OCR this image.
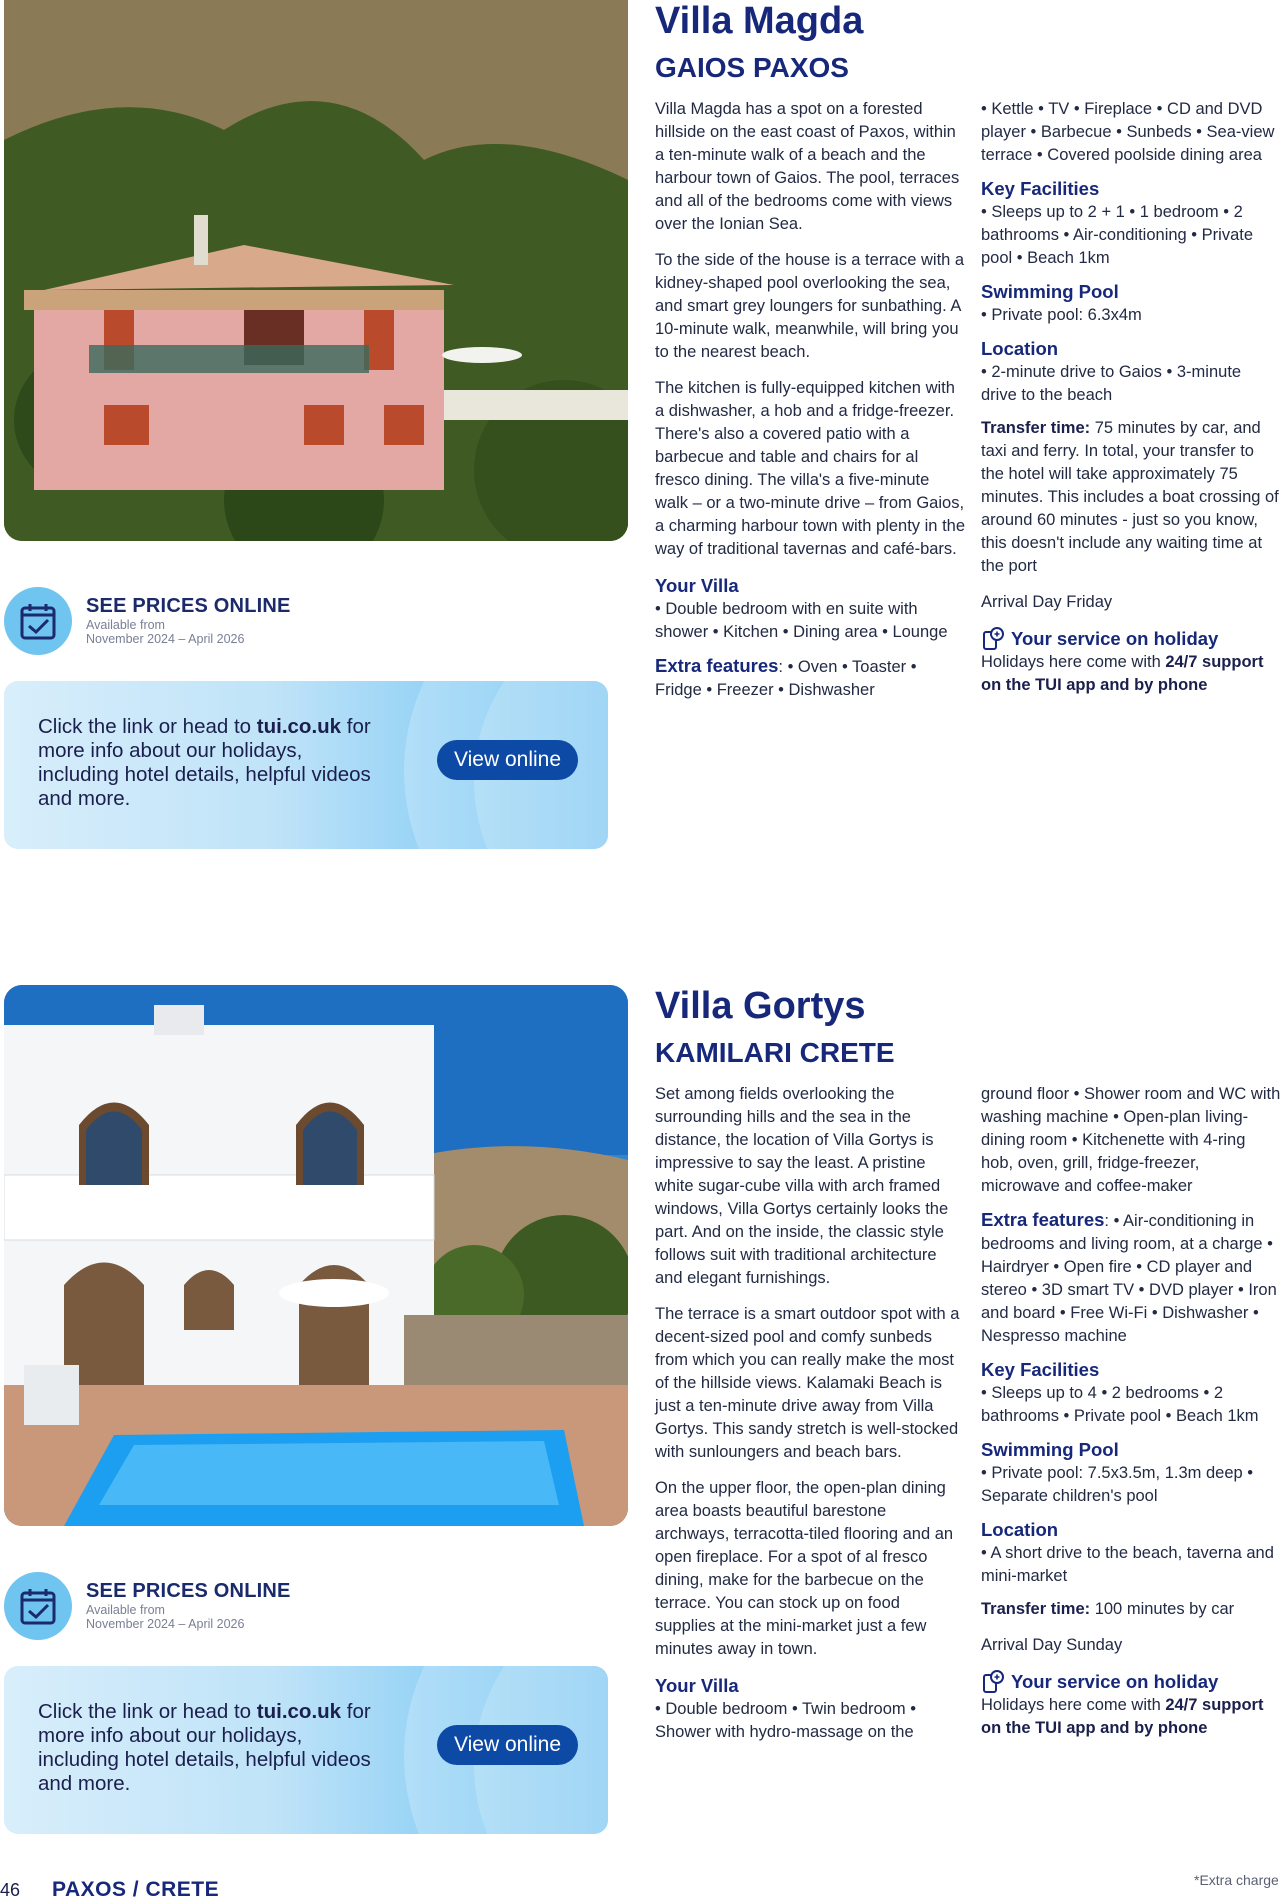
SEE PRICES ONLINE
Available from
November 2024 – April 2026
Click the link or head to tui.co.uk for more info about our holidays, including hotel details, helpful videos and more.
View online
Villa Magda
GAIOS PAXOS

Villa Magda has a spot on a forested hillside on the east coast of Paxos, within a ten-minute walk of a beach and the harbour town of Gaios. The pool, terraces and all of the bedrooms come with views over the Ionian Sea.

To the side of the house is a terrace with a kidney-shaped pool overlooking the sea, and smart grey loungers for sunbathing. A 10-minute walk, meanwhile, will bring you to the nearest beach.

The kitchen is fully-equipped kitchen with a dishwasher, a hob and a fridge-freezer. There's also a covered patio with a barbecue and table and chairs for al fresco dining. The villa's a five-minute walk – or a two-minute drive – from Gaios, a charming harbour town with plenty in the way of traditional tavernas and café-bars.

Your Villa
• Double bedroom with en suite with shower • Kitchen • Dining area • Lounge
Extra features: • Oven • Toaster • Fridge • Freezer • Dishwasher
• Kettle • TV • Fireplace • CD and DVD player • Barbecue • Sunbeds • Sea-view terrace • Covered poolside dining area
Key Facilities
• Sleeps up to 2 + 1 • 1 bedroom • 2 bathrooms • Air-conditioning • Private pool • Beach 1km
Swimming Pool
• Private pool: 6.3x4m
Location
• 2-minute drive to Gaios • 3-minute drive to the beach

Transfer time: 75 minutes by car, and taxi and ferry. In total, your transfer to the hotel will take approximately 75 minutes. This includes a boat crossing of around 60 minutes - just so you know, this doesn't include any waiting time at the port

Arrival Day Friday

Your service on holiday
Holidays here come with 24/7 support on the TUI app and by phone
SEE PRICES ONLINE
Available from
November 2024 – April 2026
Click the link or head to tui.co.uk for more info about our holidays, including hotel details, helpful videos and more.
View online
Villa Gortys
KAMILARI CRETE

Set among fields overlooking the surrounding hills and the sea in the distance, the location of Villa Gortys is impressive to say the least. A pristine white sugar-cube villa with arch framed windows, Villa Gortys certainly looks the part. And on the inside, the classic style follows suit with traditional architecture and elegant furnishings.

The terrace is a smart outdoor spot with a decent-sized pool and comfy sunbeds from which you can really make the most of the hillside views. Kalamaki Beach is just a ten-minute drive away from Villa Gortys. This sandy stretch is well-stocked with sunloungers and beach bars.

On the upper floor, the open-plan dining area boasts beautiful barestone archways, terracotta-tiled flooring and an open fireplace. For a spot of al fresco dining, make for the barbecue on the terrace. You can stock up on food supplies at the mini-market just a few minutes away in town.

Your Villa
• Double bedroom • Twin bedroom • Shower with hydro-massage on the
ground floor • Shower room and WC with washing machine • Open-plan living-dining room • Kitchenette with 4-ring hob, oven, grill, fridge-freezer, microwave and coffee-maker
Extra features: • Air-conditioning in bedrooms and living room, at a charge • Hairdryer • Open fire • CD player and stereo • 3D smart TV • DVD player • Iron and board • Free Wi-Fi • Dishwasher • Nespresso machine
Key Facilities
• Sleeps up to 4 • 2 bedrooms • 2 bathrooms • Private pool • Beach 1km
Swimming Pool
• Private pool: 7.5x3.5m, 1.3m deep • Separate children's pool
Location
• A short drive to the beach, taverna and mini-market

Transfer time: 100 minutes by car

Arrival Day Sunday

Your service on holiday
Holidays here come with 24/7 support on the TUI app and by phone
46 PAXOS / CRETE	*Extra charge
